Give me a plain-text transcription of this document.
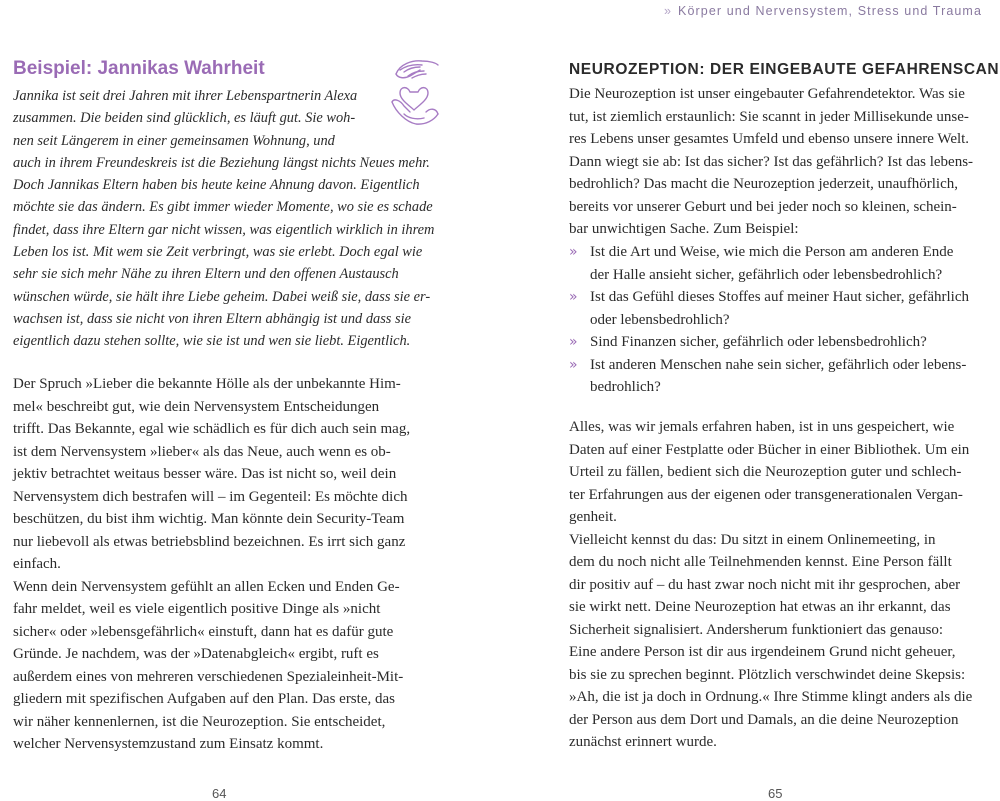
Beispiel: Jannikas Wahrheit
Jannika ist seit drei Jahren mit ihrer Lebenspartnerin Alexa
zusammen. Die beiden sind glücklich, es läuft gut. Sie woh-
nen seit Längerem in einer gemeinsamen Wohnung, und
auch in ihrem Freundeskreis ist die Beziehung längst nichts Neues mehr.
Doch Jannikas Eltern haben bis heute keine Ahnung davon. Eigentlich
möchte sie das ändern. Es gibt immer wieder Momente, wo sie es schade
findet, dass ihre Eltern gar nicht wissen, was eigentlich wirklich in ihrem
Leben los ist. Mit wem sie Zeit verbringt, was sie erlebt. Doch egal wie
sehr sie sich mehr Nähe zu ihren Eltern und den offenen Austausch
wünschen würde, sie hält ihre Liebe geheim. Dabei weiß sie, dass sie er-
wachsen ist, dass sie nicht von ihren Eltern abhängig ist und dass sie
eigentlich dazu stehen sollte, wie sie ist und wen sie liebt. Eigentlich.
Der Spruch »Lieber die bekannte Hölle als der unbekannte Him-
mel« beschreibt gut, wie dein Nervensystem Entscheidungen
trifft. Das Bekannte, egal wie schädlich es für dich auch sein mag,
ist dem Nervensystem »lieber« als das Neue, auch wenn es ob-
jektiv betrachtet weitaus besser wäre. Das ist nicht so, weil dein
Nervensystem dich bestrafen will – im Gegenteil: Es möchte dich
beschützen, du bist ihm wichtig. Man könnte dein Security-Team
nur liebevoll als etwas betriebsblind bezeichnen. Es irrt sich ganz
einfach.
Wenn dein Nervensystem gefühlt an allen Ecken und Enden Ge-
fahr meldet, weil es viele eigentlich positive Dinge als »nicht
sicher« oder »lebensgefährlich« einstuft, dann hat es dafür gute
Gründe. Je nachdem, was der »Datenabgleich« ergibt, ruft es
außerdem eines von mehreren verschiedenen Spezialeinheit-Mit-
gliedern mit spezifischen Aufgaben auf den Plan. Das erste, das
wir näher kennenlernen, ist die Neurozeption. Sie entscheidet,
welcher Nervensystemzustand zum Einsatz kommt.
64
» Körper und Nervensystem, Stress und Trauma
NEUROZEPTION: DER EINGEBAUTE GEFAHRENSCAN
Die Neurozeption ist unser eingebauter Gefahrendetektor. Was sie
tut, ist ziemlich erstaunlich: Sie scannt in jeder Millisekunde unse-
res Lebens unser gesamtes Umfeld und ebenso unsere innere Welt.
Dann wiegt sie ab: Ist das sicher? Ist das gefährlich? Ist das lebens-
bedrohlich? Das macht die Neurozeption jederzeit, unaufhörlich,
bereits vor unserer Geburt und bei jeder noch so kleinen, schein-
bar unwichtigen Sache. Zum Beispiel:
» Ist die Art und Weise, wie mich die Person am anderen Ende
der Halle ansieht sicher, gefährlich oder lebensbedrohlich?
» Ist das Gefühl dieses Stoffes auf meiner Haut sicher, gefährlich
oder lebensbedrohlich?
» Sind Finanzen sicher, gefährlich oder lebensbedrohlich?
» Ist anderen Menschen nahe sein sicher, gefährlich oder lebens-
bedrohlich?
Alles, was wir jemals erfahren haben, ist in uns gespeichert, wie
Daten auf einer Festplatte oder Bücher in einer Bibliothek. Um ein
Urteil zu fällen, bedient sich die Neurozeption guter und schlech-
ter Erfahrungen aus der eigenen oder transgenerationalen Vergan-
genheit.
Vielleicht kennst du das: Du sitzt in einem Onlinemeeting, in
dem du noch nicht alle Teilnehmenden kennst. Eine Person fällt
dir positiv auf – du hast zwar noch nicht mit ihr gesprochen, aber
sie wirkt nett. Deine Neurozeption hat etwas an ihr erkannt, das
Sicherheit signalisiert. Andersherum funktioniert das genauso:
Eine andere Person ist dir aus irgendeinem Grund nicht geheuer,
bis sie zu sprechen beginnt. Plötzlich verschwindet deine Skepsis:
»Ah, die ist ja doch in Ordnung.« Ihre Stimme klingt anders als die
der Person aus dem Dort und Damals, an die deine Neurozeption
zunächst erinnert wurde.
65
